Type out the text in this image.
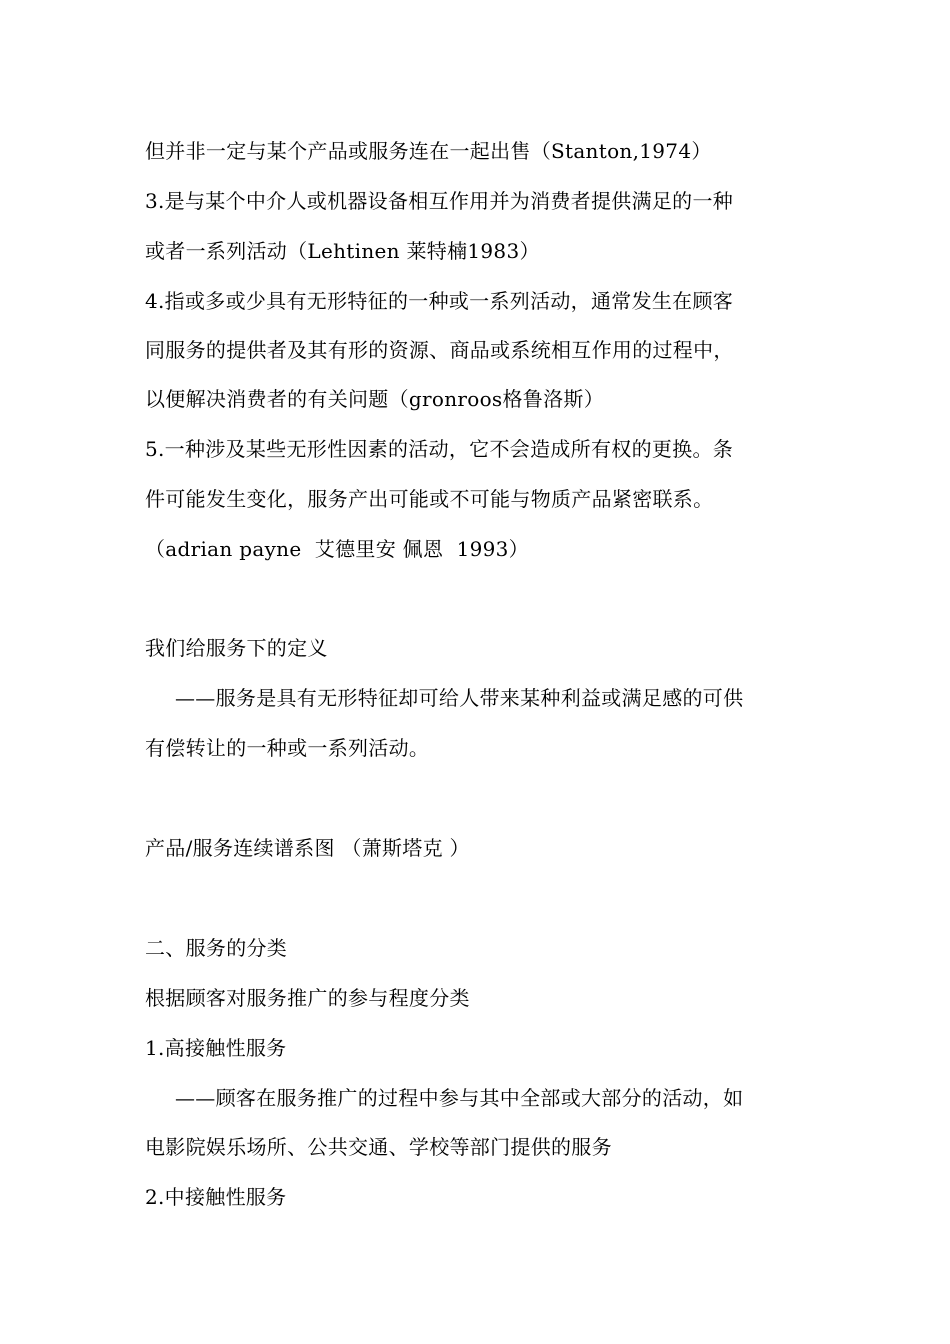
但并非一定与某个产品或服务连在一起出售（Stanton,1974）
3.是与某个中介人或机器设备相互作用并为消费者提供满足的一种
或者一系列活动（Lehtinen 莱特楠1983）
4.指或多或少具有无形特征的一种或一系列活动，通常发生在顾客
同服务的提供者及其有形的资源、商品或系统相互作用的过程中，
以便解决消费者的有关问题（gronroos格鲁洛斯）
5.一种涉及某些无形性因素的活动，它不会造成所有权的更换。条
件可能发生变化，服务产出可能或不可能与物质产品紧密联系。
（adrian payne  艾德里安 佩恩  1993）
我们给服务下的定义
——服务是具有无形特征却可给人带来某种利益或满足感的可供
有偿转让的一种或一系列活动。
产品/服务连续谱系图 （萧斯塔克 ）
二、服务的分类
根据顾客对服务推广的参与程度分类
1.高接触性服务
——顾客在服务推广的过程中参与其中全部或大部分的活动，如
电影院娱乐场所、公共交通、学校等部门提供的服务
2.中接触性服务
